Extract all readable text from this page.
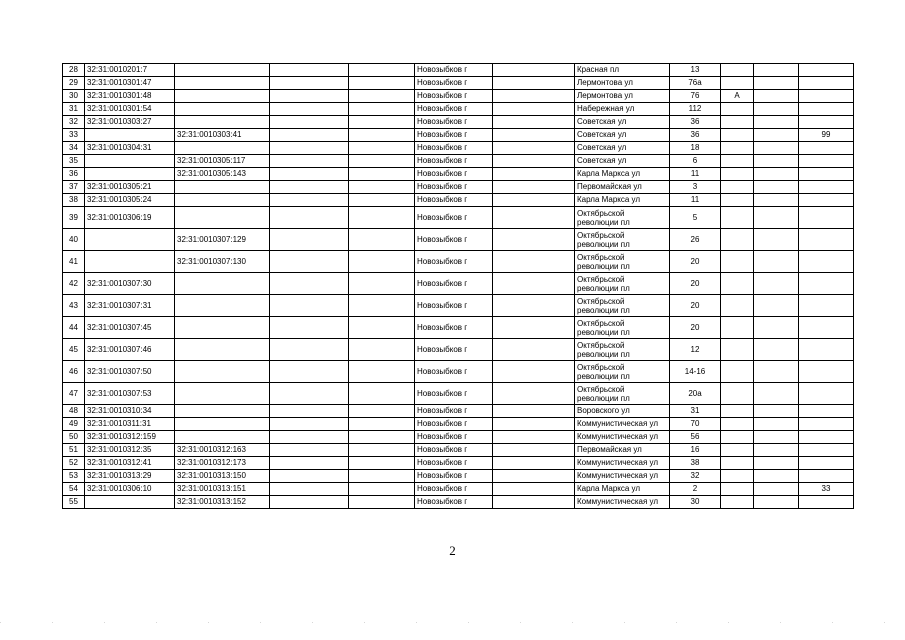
28	32:31:0010201:7				Новозыбков г		Красная пл	13			
29	32:31:0010301:47				Новозыбков г		Лермонтова ул	76а			
30	32:31:0010301:48				Новозыбков г		Лермонтова ул	76	А		
31	32:31:0010301:54				Новозыбков г		Набережная ул	112			
32	32:31:0010303:27				Новозыбков г		Советская ул	36			
33		32:31:0010303:41			Новозыбков г		Советская ул	36			99
34	32:31:0010304:31				Новозыбков г		Советская ул	18			
35		32:31:0010305:117			Новозыбков г		Советская ул	6			
36		32:31:0010305:143			Новозыбков г		Карла Маркса ул	11			
37	32:31:0010305:21				Новозыбков г		Первомайская ул	3			
38	32:31:0010305:24				Новозыбков г		Карла Маркса ул	11			
39	32:31:0010306:19				Новозыбков г		Октябрьской революции пл	5			
40		32:31:0010307:129			Новозыбков г		Октябрьской революции пл	26			
41		32:31:0010307:130			Новозыбков г		Октябрьской революции пл	20			
42	32:31:0010307:30				Новозыбков г		Октябрьской революции пл	20			
43	32:31:0010307:31				Новозыбков г		Октябрьской революции пл	20			
44	32:31:0010307:45				Новозыбков г		Октябрьской революции пл	20			
45	32:31:0010307:46				Новозыбков г		Октябрьской революции пл	12			
46	32:31:0010307:50				Новозыбков г		Октябрьской революции пл	14-16			
47	32:31:0010307:53				Новозыбков г		Октябрьской революции пл	20а			
48	32:31:0010310:34				Новозыбков г		Воровского ул	31			
49	32:31:0010311:31				Новозыбков г		Коммунистическая ул	70			
50	32:31:0010312:159				Новозыбков г		Коммунистическая ул	56			
51	32:31:0010312:35	32:31:0010312:163			Новозыбков г		Первомайская ул	16			
52	32:31:0010312:41	32:31:0010312:173			Новозыбков г		Коммунистическая ул	38			
53	32:31:0010313:29	32:31:0010313:150			Новозыбков г		Коммунистическая ул	32			
54	32:31:0010306:10	32:31:0010313:151			Новозыбков г		Карла Маркса ул	2			33
55		32:31:0010313:152			Новозыбков г		Коммунистическая ул	30			
2
